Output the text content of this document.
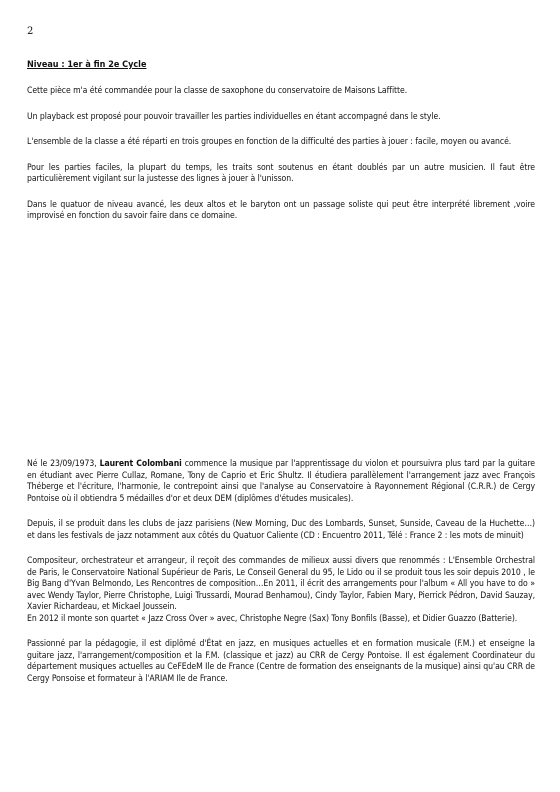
2
Niveau : 1er à fin 2e Cycle

Cette pièce m'a été commandée pour la classe de saxophone du conservatoire de Maisons Laffitte.

Un playback est proposé pour pouvoir travailler les parties individuelles en étant accompagné dans le style.

L'ensemble de la classe a été réparti en trois groupes en fonction de la difficulté des parties à jouer : facile, moyen ou avancé.

Pour les parties faciles, la plupart du temps, les traits sont soutenus en étant doublés par un autre musicien. Il faut être particulièrement vigilant sur la justesse des lignes à jouer à l'unisson.

Dans le quatuor de niveau avancé, les deux altos et le baryton ont un passage soliste qui peut être interprété librement ,voire improvisé en fonction du savoir faire dans ce domaine.

Né le 23/09/1973, Laurent Colombani commence la musique par l'apprentissage du violon et poursuivra plus tard par la guitare en étudiant avec Pierre Cullaz, Romane, Tony de Caprio et Eric Shultz. Il étudiera parallèlement l'arrangement jazz avec François Théberge et l'écriture, l'harmonie, le contrepoint ainsi que l'analyse au Conservatoire à Rayonnement Régional (C.R.R.) de Cergy Pontoise où il obtiendra 5 médailles d'or et deux DEM (diplômes d'études musicales).

Depuis, il se produit dans les clubs de jazz parisiens (New Morning, Duc des Lombards, Sunset, Sunside, Caveau de la Huchette…) et dans les festivals de jazz notamment aux côtés du Quatuor Caliente (CD : Encuentro 2011, Télé : France 2 : les mots de minuit)

Compositeur, orchestrateur et arrangeur, il reçoit des commandes de milieux aussi divers que renommés : L'Ensemble Orchestral de Paris, le Conservatoire National Supérieur de Paris, Le Conseil General du 95, le Lido ou il se produit tous les soir depuis 2010 , le Big Bang d'Yvan Belmondo, Les Rencontres de composition…En 2011, il écrit des arrangements pour l'album « All you have to do » avec Wendy Taylor, Pierre Christophe, Luigi Trussardi, Mourad Benhamou), Cindy Taylor, Fabien Mary, Pierrick Pédron, David Sauzay, Xavier Richardeau, et Mickael Joussein.

En 2012 il monte son quartet « Jazz Cross Over » avec, Christophe Negre (Sax) Tony Bonfils (Basse), et Didier Guazzo (Batterie).

Passionné par la pédagogie, il est diplômé d'État en jazz, en musiques actuelles et en formation musicale (F.M.) et enseigne la guitare jazz, l'arrangement/composition et la F.M. (classique et jazz) au CRR de Cergy Pontoise. Il est également Coordinateur du département musiques actuelles au CeFEdeM Ile de France (Centre de formation des enseignants de la musique) ainsi qu'au CRR de Cergy Ponsoise et formateur à l'ARIAM Ile de France.
